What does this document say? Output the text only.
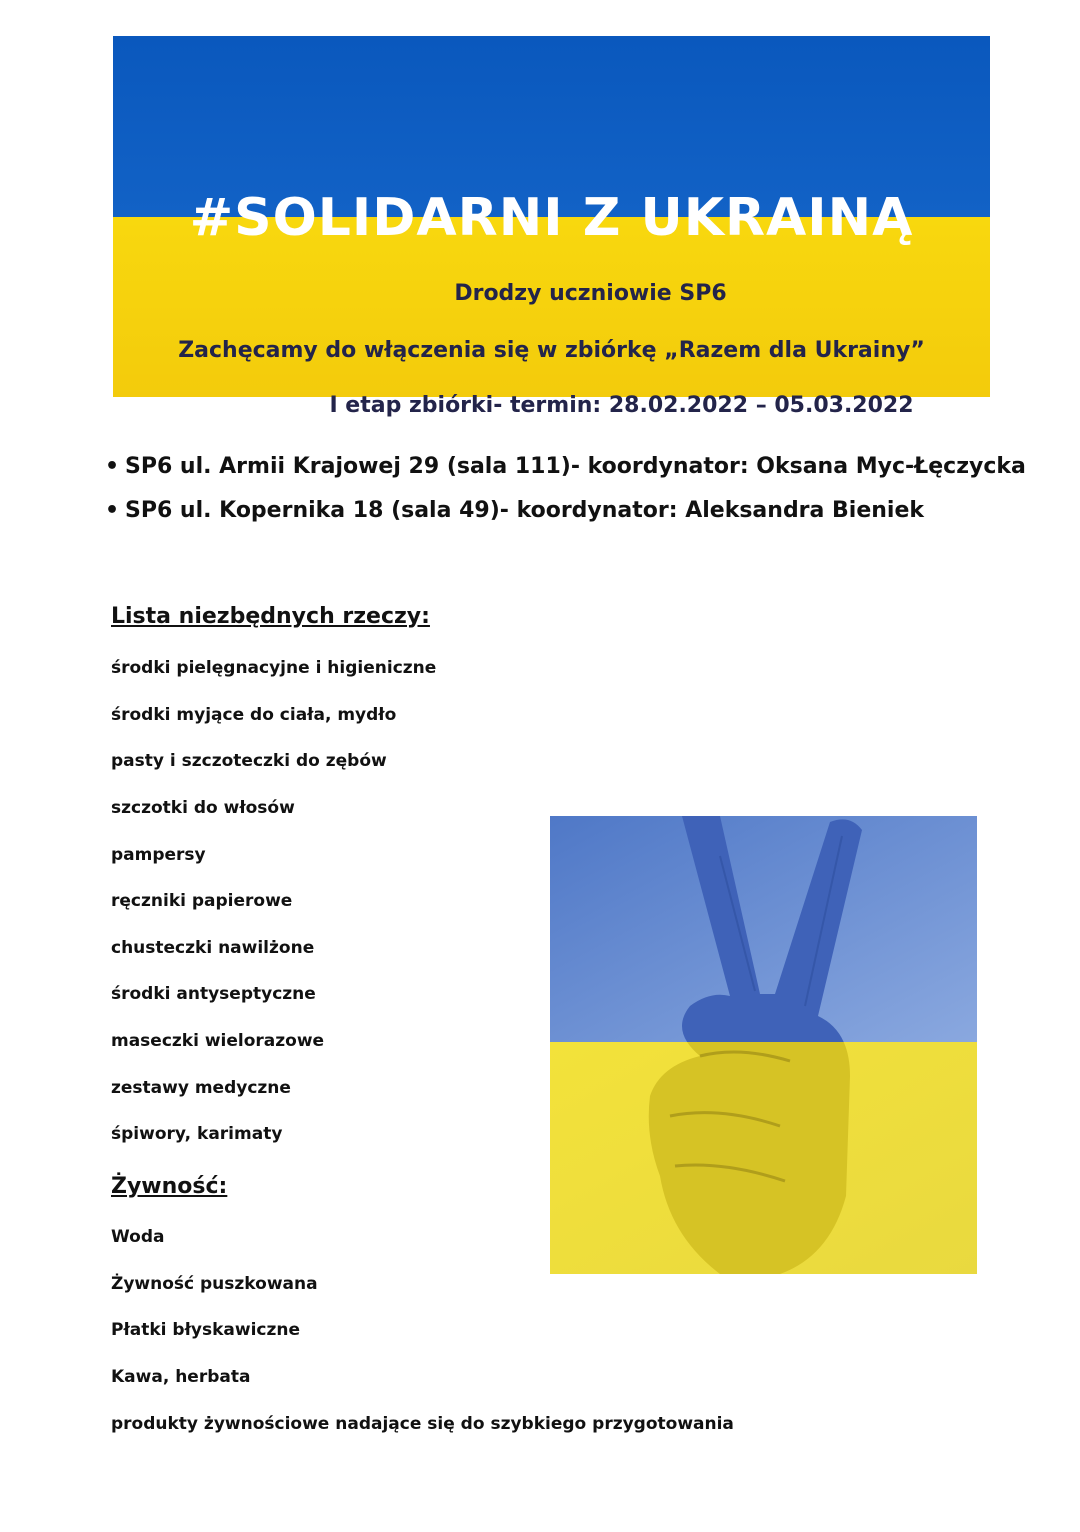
#SOLIDARNI Z UKRAINĄ
Drodzy uczniowie SP6
Zachęcamy do włączenia się w zbiórkę „Razem dla Ukrainy”
I etap zbiórki- termin: 28.02.2022 – 05.03.2022
• SP6 ul. Armii Krajowej 29 (sala 111)- koordynator: Oksana Myc-Łęczycka
• SP6 ul. Kopernika 18 (sala 49)- koordynator: Aleksandra Bieniek
Lista niezbędnych rzeczy:
środki pielęgnacyjne i higieniczne
środki myjące do ciała, mydło
pasty i szczoteczki do zębów
szczotki do włosów
pampersy
ręczniki papierowe
chusteczki nawilżone
środki antyseptyczne
maseczki wielorazowe
zestawy medyczne
śpiwory, karimaty
Żywność:
Woda
Żywność puszkowana
Płatki błyskawiczne
Kawa, herbata
produkty żywnościowe nadające się do szybkiego przygotowania
